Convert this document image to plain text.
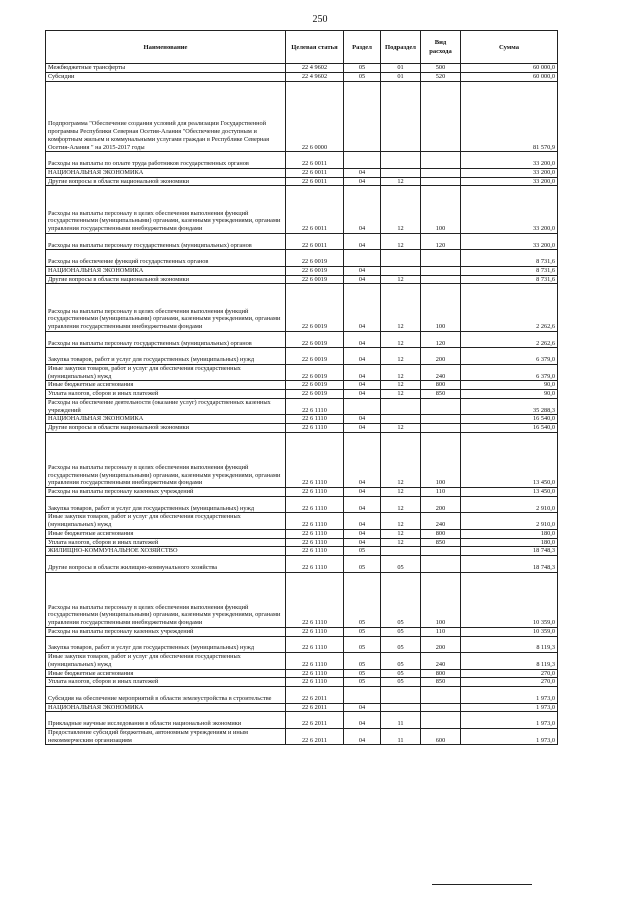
250
Наименование	Целевая статья	Раздел	Подраздел	Вид расхода	Сумма
Межбюджетные трансферты	22 4 9602	05	01	500	60 000,0
Субсидии	22 4 9602	05	01	520	60 000,0
Подпрограмма "Обеспечение создания условий для реализации Государственной программы Республики Северная Осетия-Алания "Обеспечение доступным и комфортным жильем и коммунальными услугами граждан в Республике Северная Осетия-Алания " на 2015-2017 годы	22 6 0000				81 570,9
Расходы на выплаты по оплате труда работников государственных органов	22 6 0011				33 200,0
НАЦИОНАЛЬНАЯ ЭКОНОМИКА	22 6 0011	04			33 200,0
Другие вопросы в области национальной экономики	22 6 0011	04	12		33 200,0
Расходы на выплаты персоналу в целях обеспечения выполнения функций государственными (муниципальными) органами, казенными учреждениями, органами управления государственными внебюджетными фондами	22 6 0011	04	12	100	33 200,0
Расходы на выплаты персоналу государственных (муниципальных) органов	22 6 0011	04	12	120	33 200,0
Расходы на обеспечение функций государственных органов	22 6 0019				8 731,6
НАЦИОНАЛЬНАЯ ЭКОНОМИКА	22 6 0019	04			8 731,6
Другие вопросы в области национальной экономики	22 6 0019	04	12		8 731,6
Расходы на выплаты персоналу в целях обеспечения выполнения функций государственными (муниципальными) органами, казенными учреждениями, органами управления государственными внебюджетными фондами	22 6 0019	04	12	100	2 262,6
Расходы на выплаты персоналу государственных (муниципальных) органов	22 6 0019	04	12	120	2 262,6
Закупка товаров, работ и услуг для государственных (муниципальных) нужд	22 6 0019	04	12	200	6 379,0
Иные закупки товаров, работ и услуг для обеспечения государственных (муниципальных) нужд	22 6 0019	04	12	240	6 379,0
Иные бюджетные ассигнования	22 6 0019	04	12	800	90,0
Уплата налогов, сборов и иных платежей	22 6 0019	04	12	850	90,0
Расходы на обеспечение деятельности (оказание услуг) государственных казенных учреждений	22 6 1110				35 288,3
НАЦИОНАЛЬНАЯ ЭКОНОМИКА	22 6 1110	04			16 540,0
Другие вопросы в области национальной экономики	22 6 1110	04	12		16 540,0
Расходы на выплаты персоналу в целях обеспечения выполнения функций государственными (муниципальными) органами, казенными учреждениями, органами управления государственными внебюджетными фондами	22 6 1110	04	12	100	13 450,0
Расходы на выплаты персоналу казенных учреждений	22 6 1110	04	12	110	13 450,0
Закупка товаров, работ и услуг для государственных (муниципальных) нужд	22 6 1110	04	12	200	2 910,0
Иные закупки товаров, работ и услуг для обеспечения государственных (муниципальных) нужд	22 6 1110	04	12	240	2 910,0
Иные бюджетные ассигнования	22 6 1110	04	12	800	180,0
Уплата налогов, сборов и иных платежей	22 6 1110	04	12	850	180,0
ЖИЛИЩНО-КОММУНАЛЬНОЕ ХОЗЯЙСТВО	22 6 1110	05			18 748,3
Другие вопросы в области жилищно-коммунального хозяйства	22 6 1110	05	05		18 748,3
Расходы на выплаты персоналу в целях обеспечения выполнения функций государственными (муниципальными) органами, казенными учреждениями, органами управления государственными внебюджетными фондами	22 6 1110	05	05	100	10 359,0
Расходы на выплаты персоналу казенных учреждений	22 6 1110	05	05	110	10 359,0
Закупка товаров, работ и услуг для государственных (муниципальных) нужд	22 6 1110	05	05	200	8 119,3
Иные закупки товаров, работ и услуг для обеспечения государственных (муниципальных) нужд	22 6 1110	05	05	240	8 119,3
Иные бюджетные ассигнования	22 6 1110	05	05	800	270,0
Уплата налогов, сборов и иных платежей	22 6 1110	05	05	850	270,0
Субсидия на обеспечение мероприятий в области землеустройства в строительстве	22 6 2011				1 973,0
НАЦИОНАЛЬНАЯ ЭКОНОМИКА	22 6 2011	04			1 973,0
Прикладные научные исследования в области национальной экономики	22 6 2011	04	11		1 973,0
Предоставление субсидий бюджетным, автономным учреждениям и иным некоммерческим организациям	22 6 2011	04	11	600	1 973,0
